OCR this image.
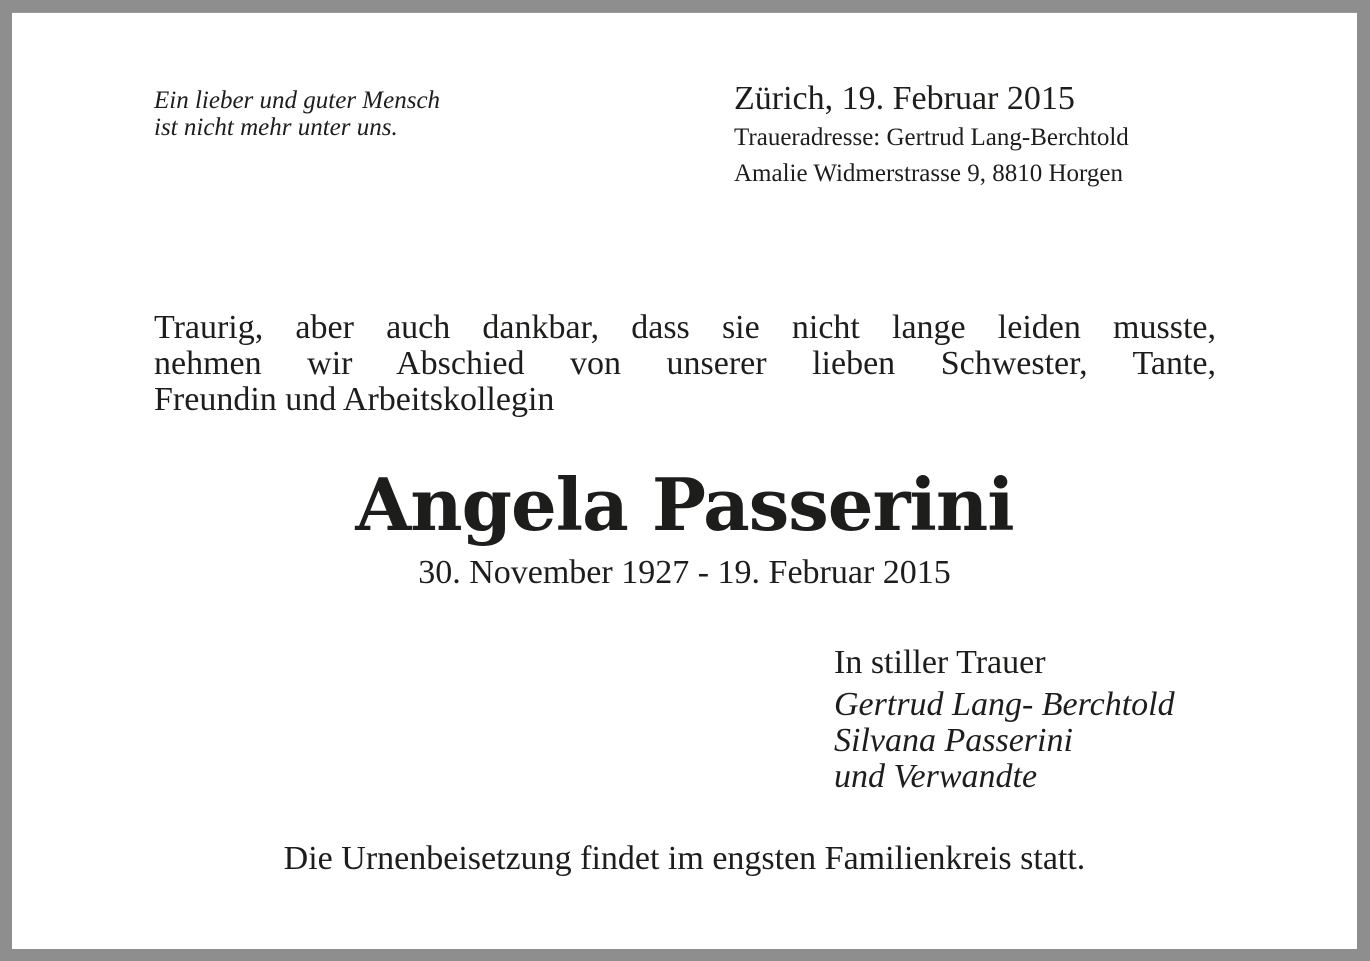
Ein lieber und guter Mensch
ist nicht mehr unter uns.

Zürich, 19. Februar 2015

Traueradresse: Gertrud Lang-Berchtold

Amalie Widmerstrasse 9, 8810 Horgen

Traurig, aber auch dankbar, dass sie nicht lange leiden musste,
nehmen wir Abschied von unserer lieben Schwester, Tante,
Freundin und Arbeitskollegin
Angela Passerini

30. November 1927 - 19. Februar 2015

In stiller Trauer

Gertrud Lang- Berchtold
Silvana Passerini
und Verwandte

Die Urnenbeisetzung findet im engsten Familienkreis statt.
